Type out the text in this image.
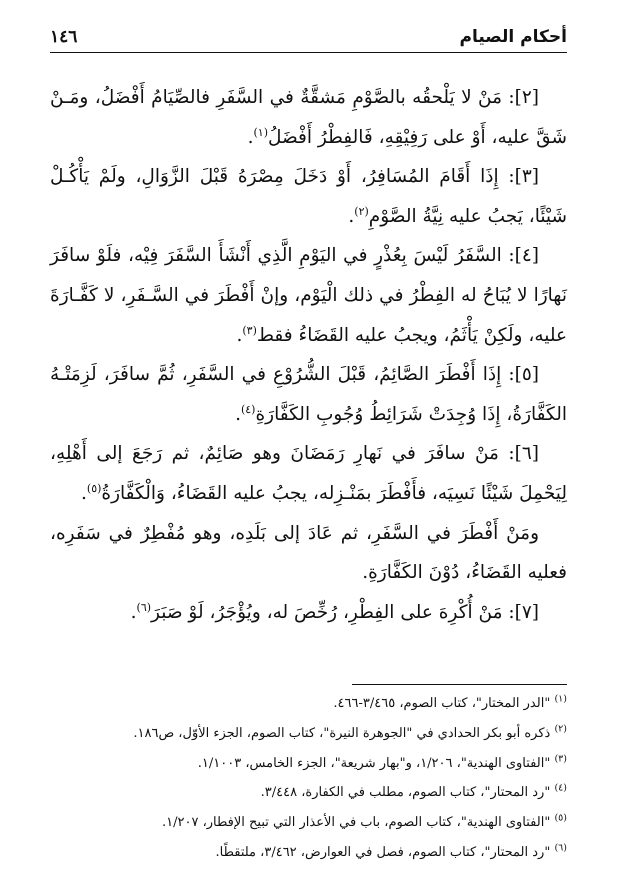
أحكام الصيام
١٤٦

[٢]: مَنْ لا يَلْحقُه بالصَّوْمِ مَشقَّةٌ في السَّفَرِ فالصِّيَامُ أَفْضَلُ، ومَـنْ شَقَّ عليه، أَوْ على رَفِيْقِهِ، فَالفِطْرُ أَفْضَلُ$^{(١)}$.

[٣]: إِذَا أَقَامَ المُسَافِرُ، أَوْ دَخَلَ مِصْرَهُ قَبْلَ الزَّوَالِ، ولَمْ يَأْكُـلْ شَيْئًا، يَجبُ عليه نِيَّةُ الصَّوْمِ$^{(٢)}$.

[٤]: السَّفَرُ لَيْسَ بِعُذْرٍ في اليَوْمِ الَّذِي أَنْشَأَ السَّفَرَ فِيْه، فلَوْ سافَرَ نَهارًا لا يُبَاحُ له الفِطْرُ في ذلك الْيَوْم، وإنْ أَفْطَرَ في السَّـفَرِ، لا كَفَّـارَةَ عليه، ولَكِنْ يَأْثَمُ، ويجبُ عليه القَضَاءُ فقط$^{(٣)}$.

[٥]: إِذَا أَفْطَرَ الصَّائِمُ، قَبْلَ الشُّرُوْعِ في السَّفَرِ، ثُمَّ سافَرَ، لَزِمَتْـهُ الكَفَّارَةُ، إِذَا وُجِدَتْ شَرَائِطُ وُجُوبِ الكَفَّارَةِ$^{(٤)}$.

[٦]: مَنْ سافَرَ في نَهارِ رَمَضَانَ وهو صَائِمٌ، ثم رَجَعَ إلى أَهْلِهِ، لِيَحْمِلَ شَيْئًا نَسِيَه، فأَفْطَرَ بمَنْـزِله، يجبُ عليه القَضَاءُ، وَالْكَفَّارَةُ$^{(٥)}$.

ومَنْ أَفْطَرَ في السَّفَرِ، ثم عَادَ إلى بَلَدِه، وهو مُفْطِرٌ في سَفَرِه، فعليه القَضَاءُ، دُوْنَ الكَفَّارَةِ.

[٧]: مَنْ أُكْرِهَ على الفِطْرِ، رُخِّصَ له، ويُؤْجَرُ، لَوْ صَبَرَ$^{(٦)}$.

$^{(١)}$ "الدر المختار"، كتاب الصوم، ٣/٤٦٥-٤٦٦.

$^{(٢)}$ ذكره أبو بكر الحدادي في "الجوهرة النيرة"، كتاب الصوم، الجزء الأوّل، ص١٨٦.

$^{(٣)}$ "الفتاوى الهندية"، ١/٢٠٦، و"بهار شريعة"، الجزء الخامس، ١/١٠٠٣.

$^{(٤)}$ "رد المحتار"، كتاب الصوم، مطلب في الكفارة، ٣/٤٤٨.

$^{(٥)}$ "الفتاوى الهندية"، كتاب الصوم، باب في الأعذار التي تبيح الإفطار، ١/٢٠٧.

$^{(٦)}$ "رد المحتار"، كتاب الصوم، فصل في العوارض، ٣/٤٦٢، ملتقطًا.
